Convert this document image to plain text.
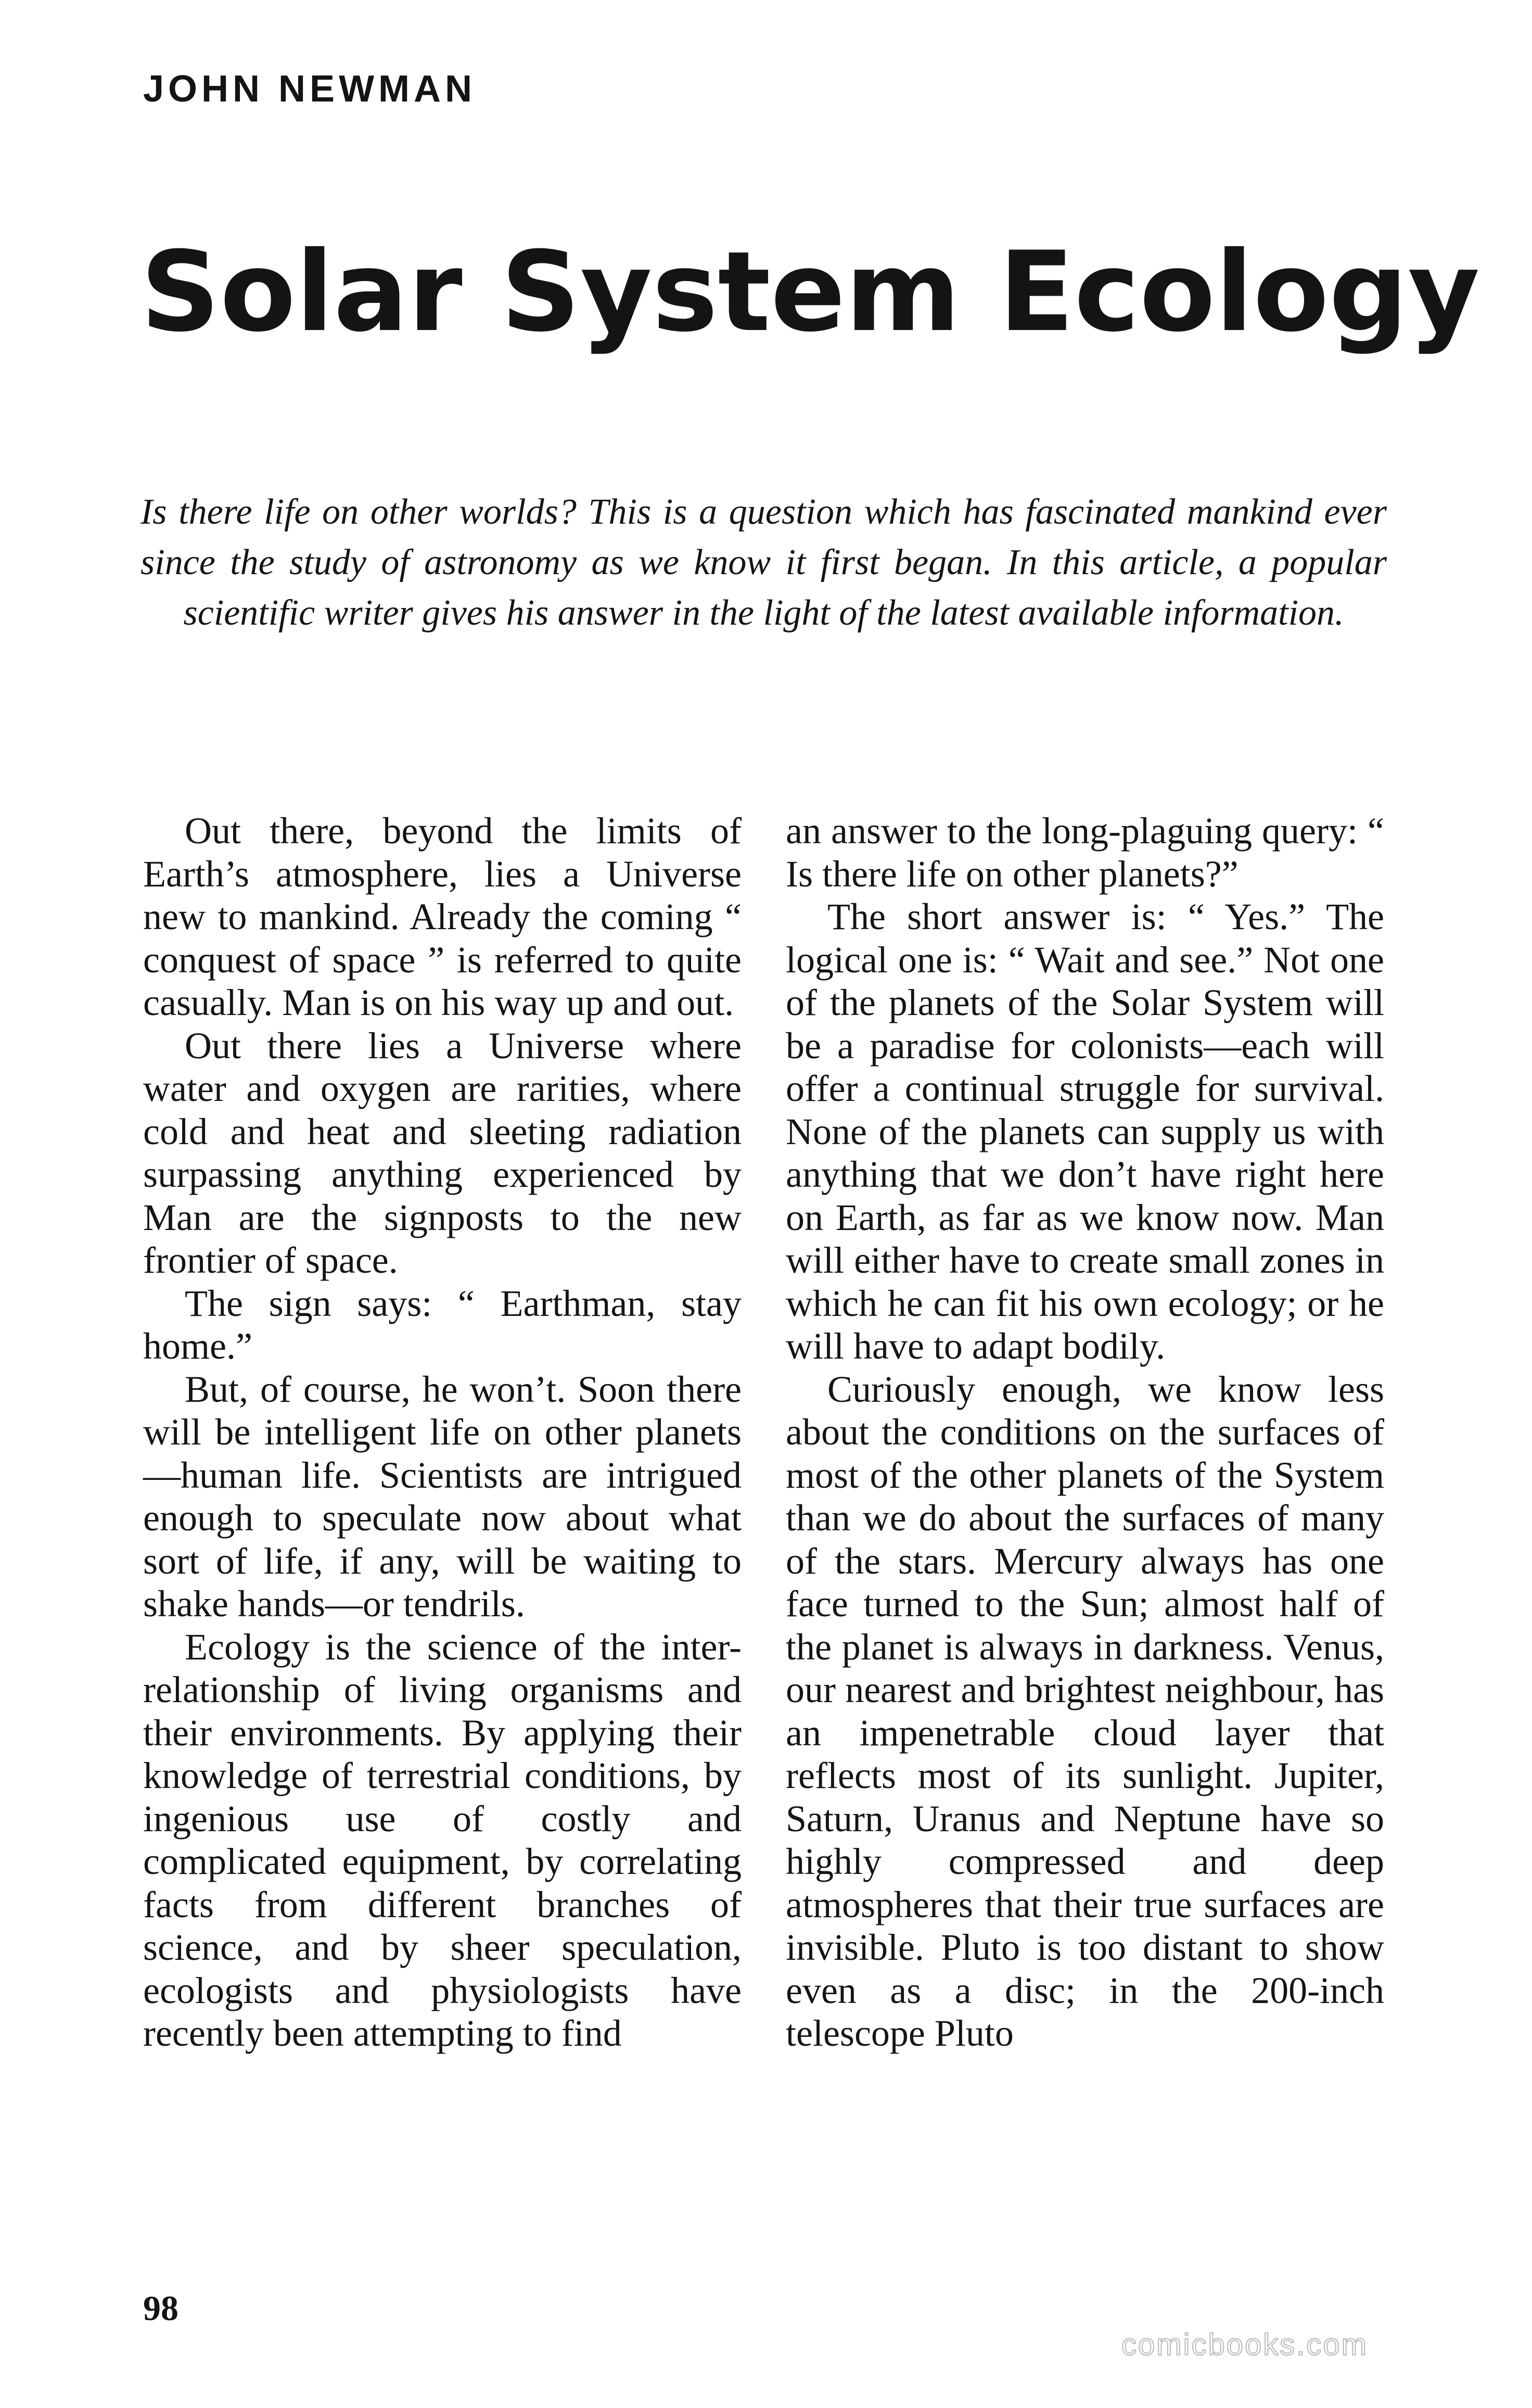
JOHN NEWMAN
Solar System Ecology

Is there life on other worlds? This is a question which has fascinated mankind ever since the study of astronomy as we know it first began. In this article, a popular scientific writer gives his answer in the light of the latest available information.

Out there, beyond the limits of Earth’s atmosphere, lies a Universe new to mankind. Already the coming “ conquest of space ” is referred to quite casually. Man is on his way up and out.

Out there lies a Universe where water and oxygen are rarities, where cold and heat and sleeting radiation surpassing anything experienced by Man are the signposts to the new frontier of space.

The sign says: “ Earthman, stay home.”

But, of course, he won’t. Soon there will be intelligent life on other planets—human life. Scientists are intrigued enough to speculate now about what sort of life, if any, will be waiting to shake hands—or tendrils.

Ecology is the science of the inter-relationship of living organisms and their environments. By applying their knowledge of terrestrial conditions, by ingenious use of costly and complicated equipment, by correlating facts from different branches of science, and by sheer speculation, ecologists and physiologists have recently been attempting to find

an answer to the long-plaguing query: “ Is there life on other planets?”

The short answer is: “ Yes.” The logical one is: “ Wait and see.” Not one of the planets of the Solar System will be a paradise for colonists—each will offer a continual struggle for survival. None of the planets can supply us with anything that we don’t have right here on Earth, as far as we know now. Man will either have to create small zones in which he can fit his own ecology; or he will have to adapt bodily.

Curiously enough, we know less about the conditions on the surfaces of most of the other planets of the System than we do about the surfaces of many of the stars. Mercury always has one face turned to the Sun; almost half of the planet is always in darkness. Venus, our nearest and brightest neighbour, has an impenetrable cloud layer that reflects most of its sunlight. Jupiter, Saturn, Uranus and Neptune have so highly compressed and deep atmospheres that their true surfaces are invisible. Pluto is too distant to show even as a disc; in the 200-inch telescope Pluto

98

comicbooks.com
